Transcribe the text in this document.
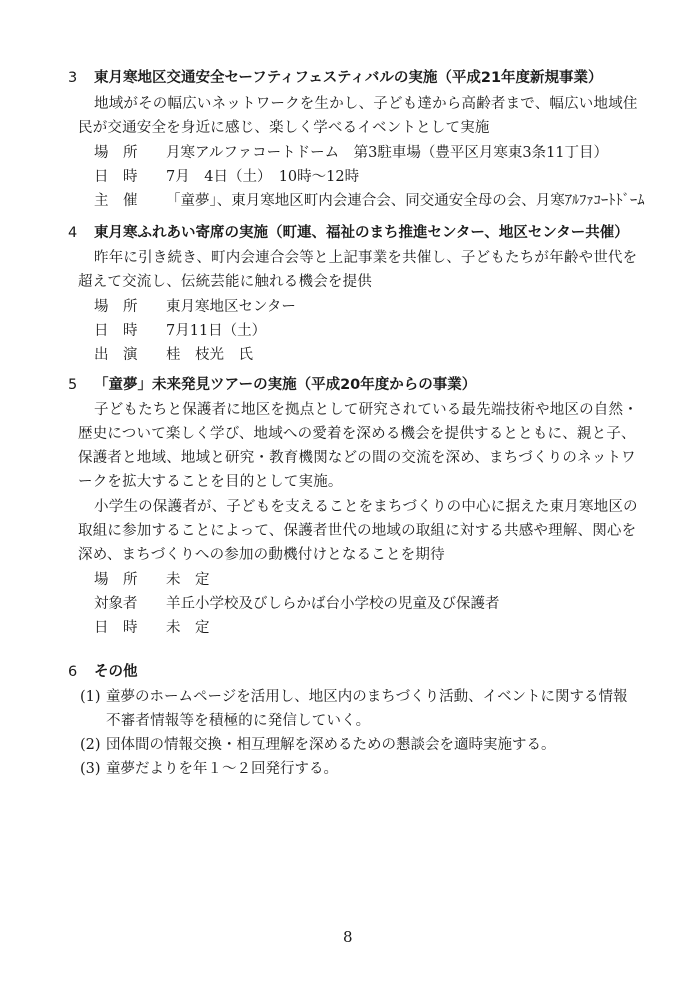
3 東月寒地区交通安全セーフティフェスティバルの実施（平成21年度新規事業）
地域がその幅広いネットワークを生かし、子ども達から高齢者まで、幅広い地域住
民が交通安全を身近に感じ、楽しく学べるイベントとして実施
場　所 月寒アルファコートドーム　第3駐車場（豊平区月寒東3条11丁目）
日　時 7月　4日（土）　10時〜12時
主　催 「童夢」、東月寒地区町内会連合会、同交通安全母の会、月寒ｱﾙﾌｧｺｰﾄﾄﾞｰﾑ
4 東月寒ふれあい寄席の実施（町連、福祉のまち推進センター、地区センター共催）
昨年に引き続き、町内会連合会等と上記事業を共催し、子どもたちが年齢や世代を
超えて交流し、伝統芸能に触れる機会を提供
場　所 東月寒地区センター
日　時 7月11日（土）
出　演 桂　枝光　氏
5 「童夢」未来発見ツアーの実施（平成20年度からの事業）
子どもたちと保護者に地区を拠点として研究されている最先端技術や地区の自然・
歴史について楽しく学び、地域への愛着を深める機会を提供するとともに、親と子、
保護者と地域、地域と研究・教育機関などの間の交流を深め、まちづくりのネットワ
ークを拡大することを目的として実施。
小学生の保護者が、子どもを支えることをまちづくりの中心に据えた東月寒地区の
取組に参加することによって、保護者世代の地域の取組に対する共感や理解、関心を
深め、まちづくりへの参加の動機付けとなることを期待
場　所 未　定
対象者 羊丘小学校及びしらかば台小学校の児童及び保護者
日　時 未　定
6 その他
(1) 童夢のホームページを活用し、地区内のまちづくり活動、イベントに関する情報
不審者情報等を積極的に発信していく。
(2) 団体間の情報交換・相互理解を深めるための懇談会を適時実施する。
(3) 童夢だよりを年１〜２回発行する。
8
